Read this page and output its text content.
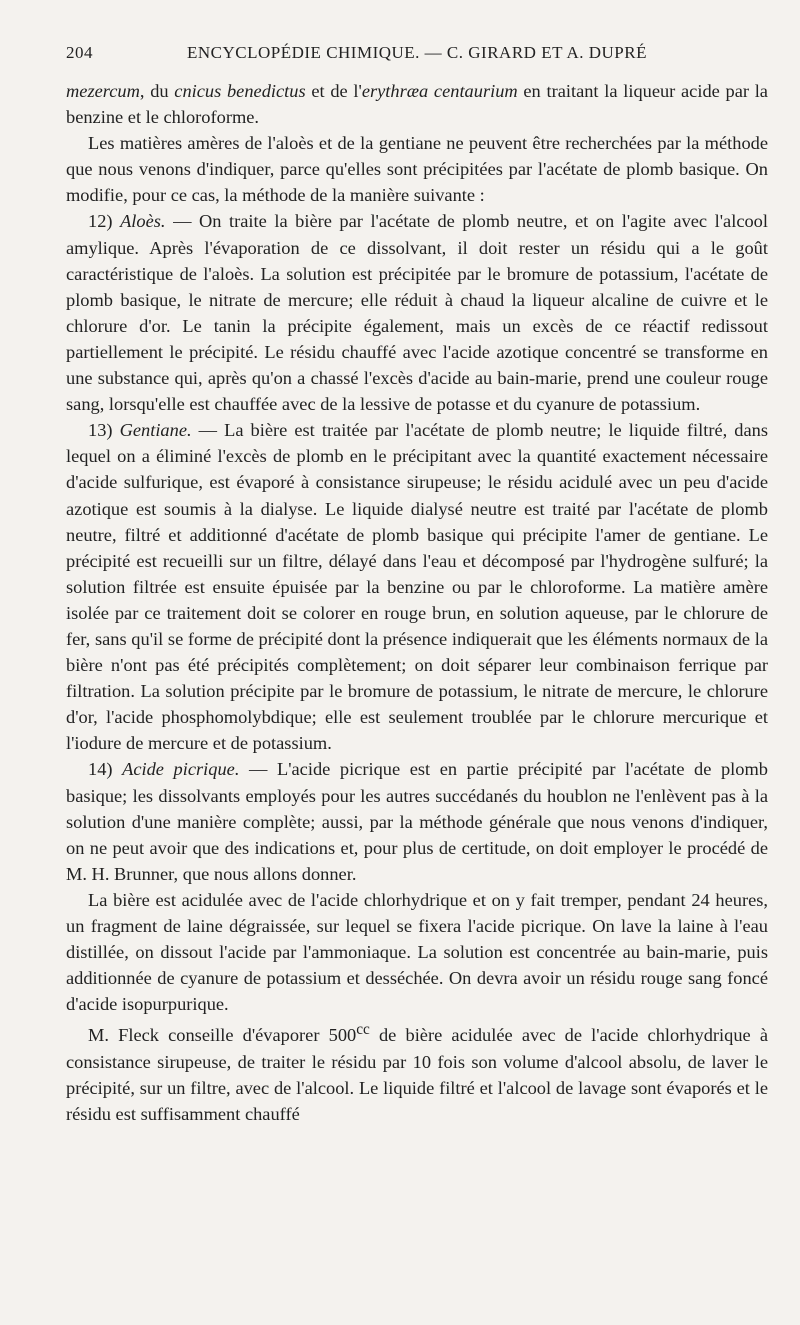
204	ENCYCLOPÉDIE CHIMIQUE. — C. GIRARD ET A. DUPRÉ

mezercum, du cnicus benedictus et de l'erythræa centaurium en traitant la liqueur acide par la benzine et le chloroforme.

Les matières amères de l'aloès et de la gentiane ne peuvent être recherchées par la méthode que nous venons d'indiquer, parce qu'elles sont précipitées par l'acétate de plomb basique. On modifie, pour ce cas, la méthode de la manière suivante :

12) Aloès. — On traite la bière par l'acétate de plomb neutre, et on l'agite avec l'alcool amylique. Après l'évaporation de ce dissolvant, il doit rester un résidu qui a le goût caractéristique de l'aloès. La solution est précipitée par le bromure de potassium, l'acétate de plomb basique, le nitrate de mercure; elle réduit à chaud la liqueur alcaline de cuivre et le chlorure d'or. Le tanin la précipite également, mais un excès de ce réactif redissout partiellement le précipité. Le résidu chauffé avec l'acide azotique concentré se transforme en une substance qui, après qu'on a chassé l'excès d'acide au bain-marie, prend une couleur rouge sang, lorsqu'elle est chauffée avec de la lessive de potasse et du cyanure de potassium.

13) Gentiane. — La bière est traitée par l'acétate de plomb neutre; le liquide filtré, dans lequel on a éliminé l'excès de plomb en le précipitant avec la quantité exactement nécessaire d'acide sulfurique, est évaporé à consistance sirupeuse; le résidu acidulé avec un peu d'acide azotique est soumis à la dialyse. Le liquide dialysé neutre est traité par l'acétate de plomb neutre, filtré et additionné d'acétate de plomb basique qui précipite l'amer de gentiane. Le précipité est recueilli sur un filtre, délayé dans l'eau et décomposé par l'hydrogène sulfuré; la solution filtrée est ensuite épuisée par la benzine ou par le chloroforme. La matière amère isolée par ce traitement doit se colorer en rouge brun, en solution aqueuse, par le chlorure de fer, sans qu'il se forme de précipité dont la présence indiquerait que les éléments normaux de la bière n'ont pas été précipités complètement; on doit séparer leur combinaison ferrique par filtration. La solution précipite par le bromure de potassium, le nitrate de mercure, le chlorure d'or, l'acide phosphomolybdique; elle est seulement troublée par le chlorure mercurique et l'iodure de mercure et de potassium.

14) Acide picrique. — L'acide picrique est en partie précipité par l'acétate de plomb basique; les dissolvants employés pour les autres succédanés du houblon ne l'enlèvent pas à la solution d'une manière complète; aussi, par la méthode générale que nous venons d'indiquer, on ne peut avoir que des indications et, pour plus de certitude, on doit employer le procédé de M. H. Brunner, que nous allons donner.

La bière est acidulée avec de l'acide chlorhydrique et on y fait tremper, pendant 24 heures, un fragment de laine dégraissée, sur lequel se fixera l'acide picrique. On lave la laine à l'eau distillée, on dissout l'acide par l'ammoniaque. La solution est concentrée au bain-marie, puis additionnée de cyanure de potassium et desséchée. On devra avoir un résidu rouge sang foncé d'acide isopurpurique.

M. Fleck conseille d'évaporer $500^{cc}$ de bière acidulée avec de l'acide chlorhydrique à consistance sirupeuse, de traiter le résidu par 10 fois son volume d'alcool absolu, de laver le précipité, sur un filtre, avec de l'alcool. Le liquide filtré et l'alcool de lavage sont évaporés et le résidu est suffisamment chauffé
